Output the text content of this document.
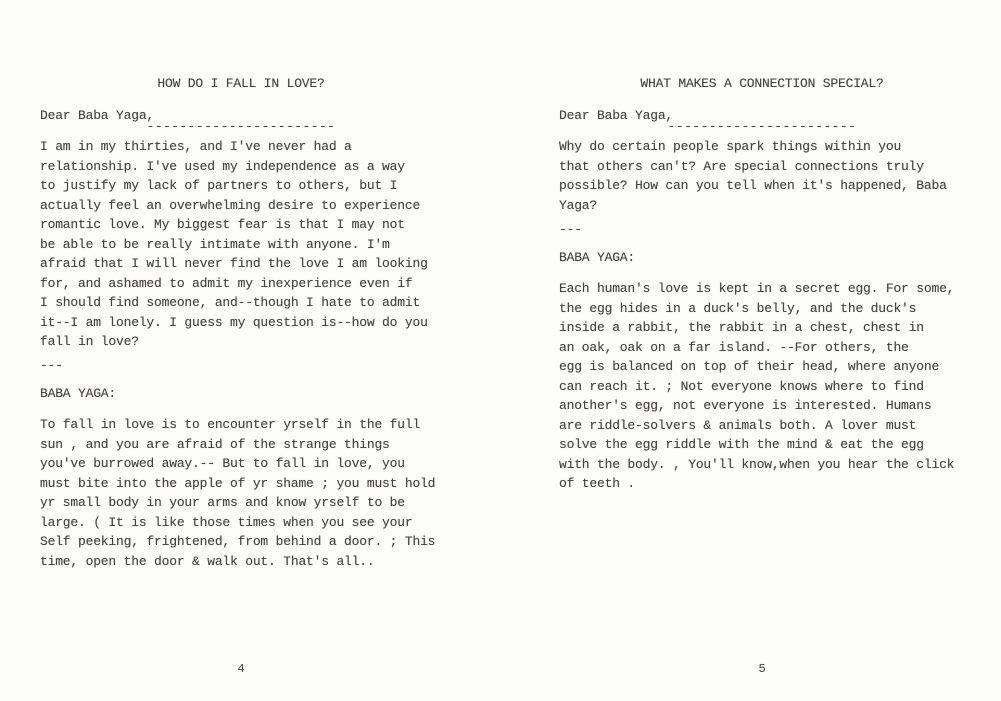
HOW DO I FALL IN LOVE?

-----------------------

Dear Baba Yaga,
I am in my thirties, and I've never had a
relationship. I've used my independence as a way
to justify my lack of partners to others, but I
actually feel an overwhelming desire to experience
romantic love. My biggest fear is that I may not
be able to be really intimate with anyone. I'm
afraid that I will never find the love I am looking
for, and ashamed to admit my inexperience even if
I should find someone, and--though I hate to admit
it--I am lonely. I guess my question is--how do you
fall in love?
---
BABA YAGA:
To fall in love is to encounter yrself in the full
sun , and you are afraid of the strange things
you've burrowed away.-- But to fall in love, you
must bite into the apple of yr shame ; you must hold
yr small body in your arms and know yrself to be
large. ( It is like those times when you see your
Self peeking, frightened, from behind a door. ; This
time, open the door & walk out. That's all..
4

WHAT MAKES A CONNECTION SPECIAL?

-----------------------

Dear Baba Yaga,
Why do certain people spark things within you
that others can't? Are special connections truly
possible? How can you tell when it's happened, Baba
Yaga?
---
BABA YAGA:
Each human's love is kept in a secret egg. For some,
the egg hides in a duck's belly, and the duck's
inside a rabbit, the rabbit in a chest, chest in
an oak, oak on a far island. --For others, the
egg is balanced on top of their head, where anyone
can reach it. ; Not everyone knows where to find
another's egg, not everyone is interested. Humans
are riddle-solvers & animals both. A lover must
solve the egg riddle with the mind & eat the egg
with the body. , You'll know,when you hear the click
of teeth .
5
